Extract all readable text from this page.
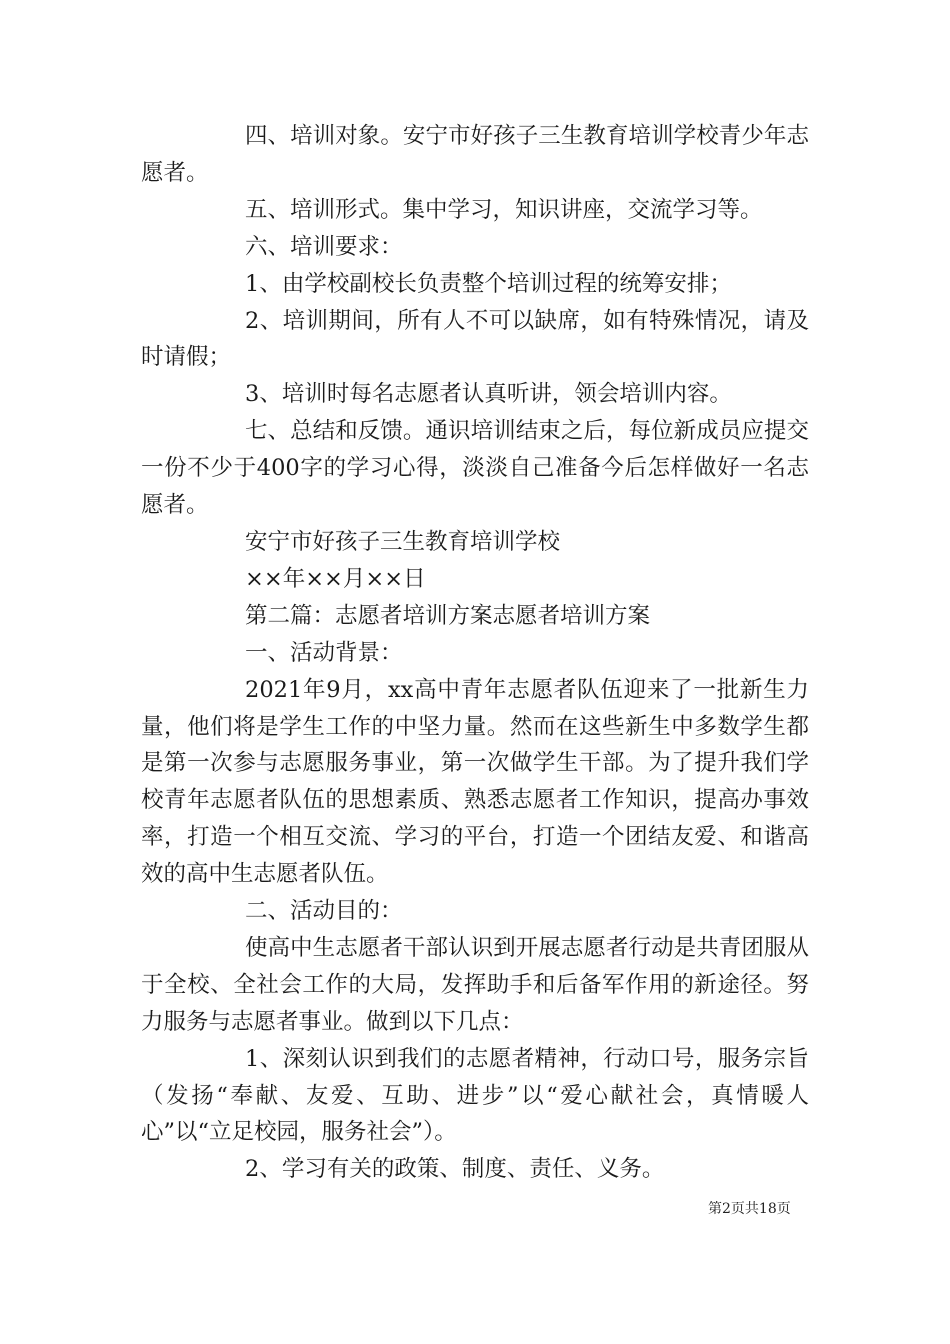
四、培训对象。安宁市好孩子三生教育培训学校青少年志愿者。

五、培训形式。集中学习，知识讲座，交流学习等。

六、培训要求：

1、由学校副校长负责整个培训过程的统筹安排；

2、培训期间，所有人不可以缺席，如有特殊情况，请及时请假；

3、培训时每名志愿者认真听讲，领会培训内容。

七、总结和反馈。通识培训结束之后，每位新成员应提交一份不少于400字的学习心得，淡淡自己准备今后怎样做好一名志愿者。

安宁市好孩子三生教育培训学校

××年××月××日

第二篇：志愿者培训方案志愿者培训方案

一、活动背景：

2021年9月，xx高中青年志愿者队伍迎来了一批新生力量，他们将是学生工作的中坚力量。然而在这些新生中多数学生都是第一次参与志愿服务事业，第一次做学生干部。为了提升我们学校青年志愿者队伍的思想素质、熟悉志愿者工作知识，提高办事效率，打造一个相互交流、学习的平台，打造一个团结友爱、和谐高效的高中生志愿者队伍。

二、活动目的：

使高中生志愿者干部认识到开展志愿者行动是共青团服从于全校、全社会工作的大局，发挥助手和后备军作用的新途径。努力服务与志愿者事业。做到以下几点：

1、深刻认识到我们的志愿者精神，行动口号，服务宗旨（发扬“奉献、友爱、互助、进步”以“爱心献社会，真情暖人心”以“立足校园，服务社会”）。

2、学习有关的政策、制度、责任、义务。

第2页共18页
